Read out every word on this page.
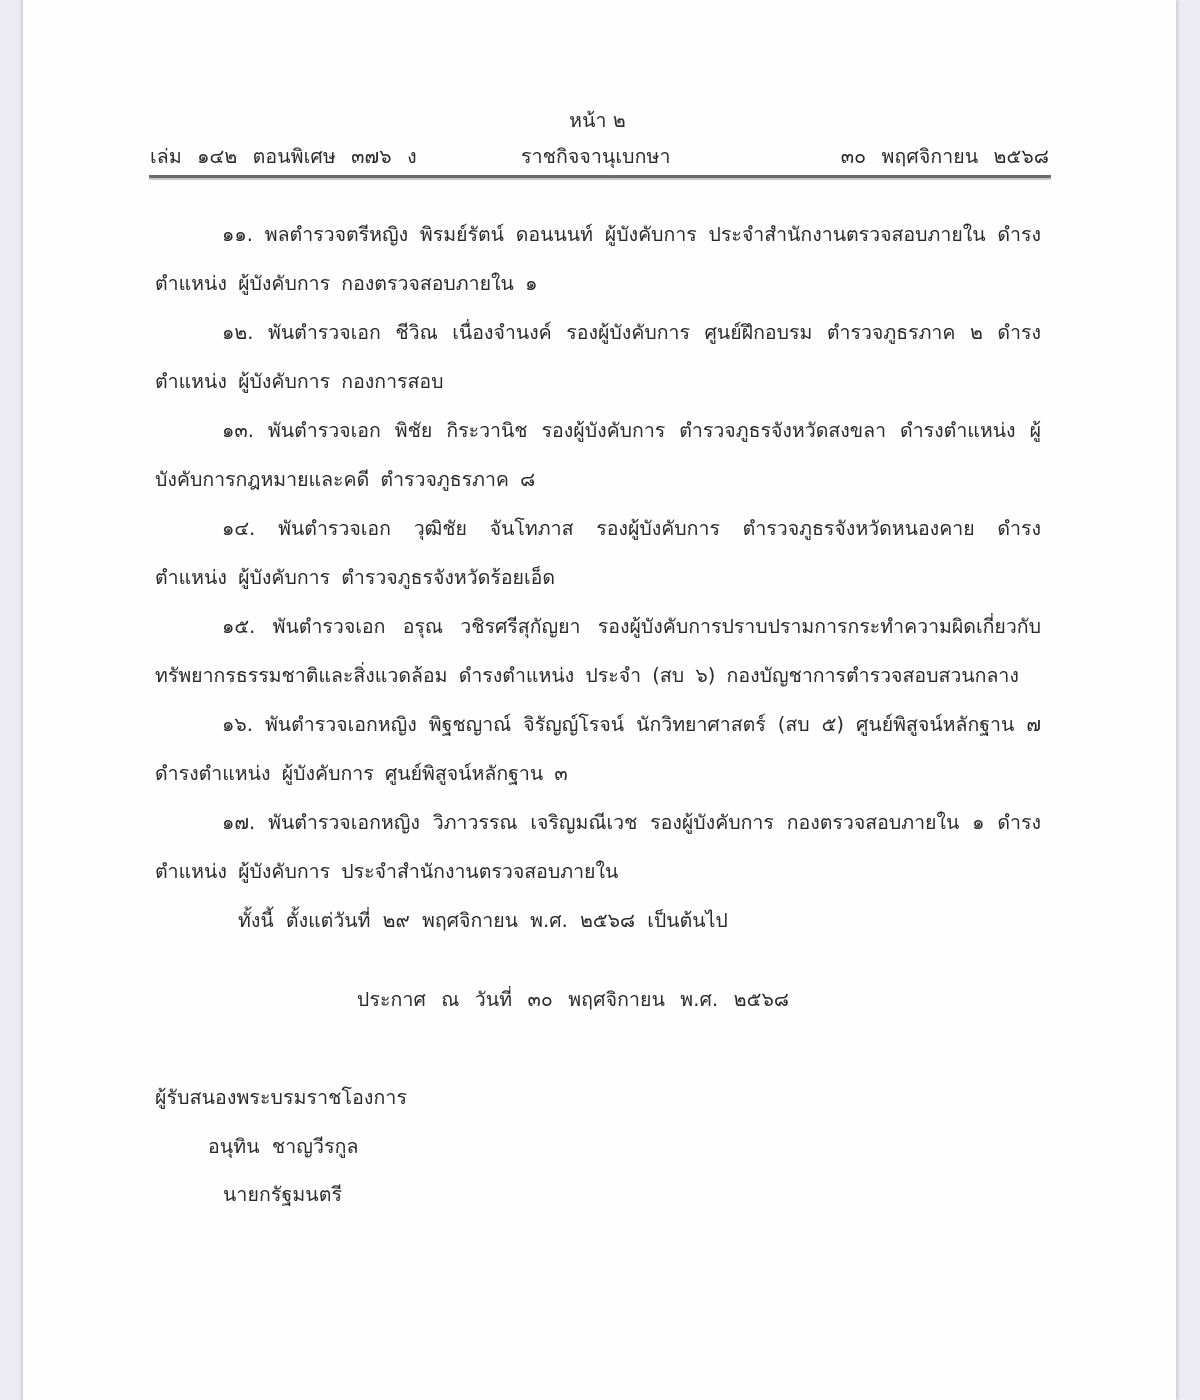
หน้า ๒
เล่ม ๑๔๒ ตอนพิเศษ ๓๗๖ ง	ราชกิจจานุเบกษา	๓๐ พฤศจิกายน ๒๕๖๘

๑๑. พลตำรวจตรีหญิง พิรมย์รัตน์ ดอนนนท์ ผู้บังคับการ ประจำสำนักงานตรวจสอบภายใน ดำรงตำแหน่ง ผู้บังคับการ กองตรวจสอบภายใน ๑

๑๒. พันตำรวจเอก ชีวิณ เนื่องจำนงค์ รองผู้บังคับการ ศูนย์ฝึกอบรม ตำรวจภูธรภาค ๒ ดำรงตำแหน่ง ผู้บังคับการ กองการสอบ

๑๓. พันตำรวจเอก พิชัย กิระวานิช รองผู้บังคับการ ตำรวจภูธรจังหวัดสงขลา ดำรงตำแหน่ง ผู้บังคับการกฎหมายและคดี ตำรวจภูธรภาค ๘

๑๔. พันตำรวจเอก วุฒิชัย จันโทภาส รองผู้บังคับการ ตำรวจภูธรจังหวัดหนองคาย ดำรงตำแหน่ง ผู้บังคับการ ตำรวจภูธรจังหวัดร้อยเอ็ด

๑๕. พันตำรวจเอก อรุณ วชิรศรีสุกัญยา รองผู้บังคับการปราบปรามการกระทำความผิดเกี่ยวกับทรัพยากรธรรมชาติและสิ่งแวดล้อม ดำรงตำแหน่ง ประจำ (สบ ๖) กองบัญชาการตำรวจสอบสวนกลาง

๑๖. พันตำรวจเอกหญิง พิฐชญาณ์ จิรัญญ์โรจน์ นักวิทยาศาสตร์ (สบ ๕) ศูนย์พิสูจน์หลักฐาน ๗ ดำรงตำแหน่ง ผู้บังคับการ ศูนย์พิสูจน์หลักฐาน ๓

๑๗. พันตำรวจเอกหญิง วิภาวรรณ เจริญมณีเวช รองผู้บังคับการ กองตรวจสอบภายใน ๑ ดำรงตำแหน่ง ผู้บังคับการ ประจำสำนักงานตรวจสอบภายใน

ทั้งนี้ ตั้งแต่วันที่ ๒๙ พฤศจิกายน พ.ศ. ๒๕๖๘ เป็นต้นไป

ประกาศ ณ วันที่ ๓๐ พฤศจิกายน พ.ศ. ๒๕๖๘
ผู้รับสนองพระบรมราชโองการ
อนุทิน ชาญวีรกูล
นายกรัฐมนตรี
